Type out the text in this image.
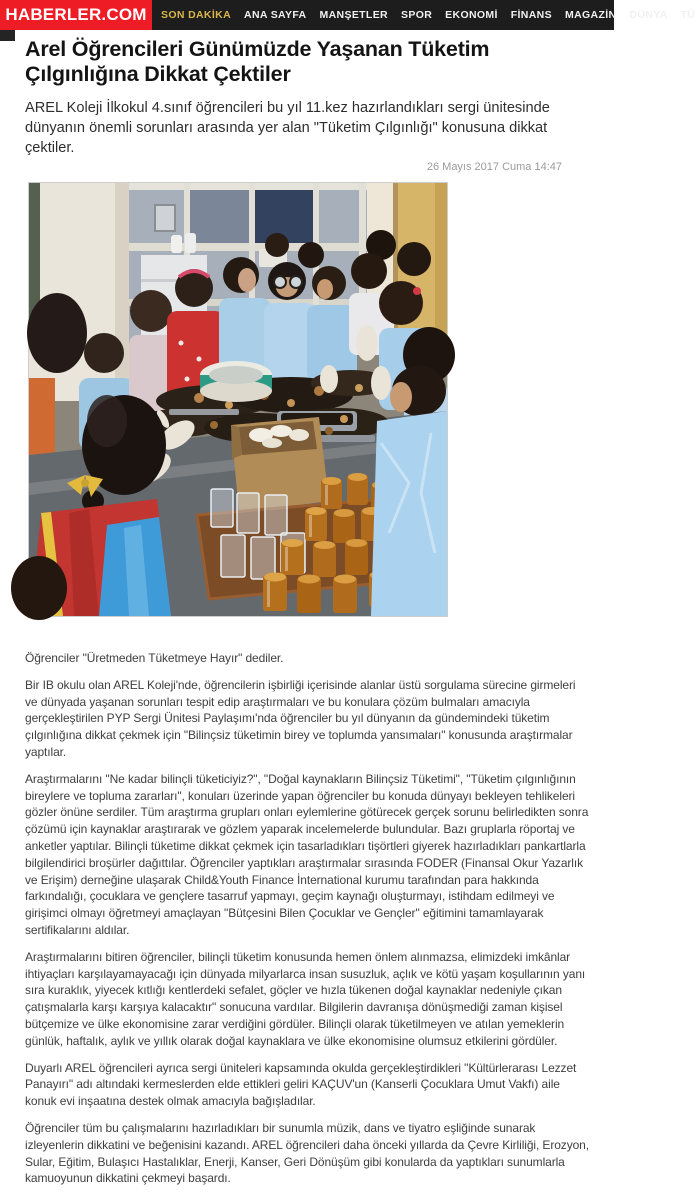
HABERLER.COM SON DAKİKA ANA SAYFA MANŞETLER SPOR EKONOMİ FİNANS MAGAZİN DÜNYA TÜ
Arel Öğrencileri Günümüzde Yaşanan Tüketim Çılgınlığına Dikkat Çektiler

AREL Koleji İlkokul 4.sınıf öğrencileri bu yıl 11.kez hazırlandıkları sergi ünitesinde dünyanın önemli sorunları arasında yer alan "Tüketim Çılgınlığı" konusuna dikkat çektiler.

26 Mayıs 2017 Cuma 14:47

Öğrenciler "Üretmeden Tüketmeye Hayır" dediler.

Bir IB okulu olan AREL Koleji'nde, öğrencilerin işbirliği içerisinde alanlar üstü sorgulama sürecine girmeleri ve dünyada yaşanan sorunları tespit edip araştırmaları ve bu konulara çözüm bulmaları amacıyla gerçekleştirilen PYP Sergi Ünitesi Paylaşımı'nda öğrenciler bu yıl dünyanın da gündemindeki tüketim çılgınlığına dikkat çekmek için "Bilinçsiz tüketimin birey ve toplumda yansımaları" konusunda araştırmalar yaptılar.

Araştırmalarını "Ne kadar bilinçli tüketiciyiz?", "Doğal kaynakların Bilinçsiz Tüketimi", "Tüketim çılgınlığının bireylere ve topluma zararları", konuları üzerinde yapan öğrenciler bu konuda dünyayı bekleyen tehlikeleri gözler önüne serdiler. Tüm araştırma grupları onları eylemlerine götürecek gerçek sorunu belirledikten sonra çözümü için kaynaklar araştırarak ve gözlem yaparak incelemelerde bulundular. Bazı gruplarla röportaj ve anketler yaptılar. Bilinçli tüketime dikkat çekmek için tasarladıkları tişörtleri giyerek hazırladıkları pankartlarla bilgilendirici broşürler dağıttılar. Öğrenciler yaptıkları araştırmalar sırasında FODER (Finansal Okur Yazarlık ve Erişim) derneğine ulaşarak Child&Youth Finance İnternational kurumu tarafından para hakkında farkındalığı, çocuklara ve gençlere tasarruf yapmayı, geçim kaynağı oluşturmayı, istihdam edilmeyi ve girişimci olmayı öğretmeyi amaçlayan "Bütçesini Bilen Çocuklar ve Gençler" eğitimini tamamlayarak sertifikalarını aldılar.

Araştırmalarını bitiren öğrenciler, bilinçli tüketim konusunda hemen önlem alınmazsa, elimizdeki imkânlar ihtiyaçları karşılayamayacağı için dünyada milyarlarca insan susuzluk, açlık ve kötü yaşam koşullarının yanı sıra kuraklık, yiyecek kıtlığı kentlerdeki sefalet, göçler ve hızla tükenen doğal kaynaklar nedeniyle çıkan çatışmalarla karşı karşıya kalacaktır" sonucuna vardılar. Bilgilerin davranışa dönüşmediği zaman kişisel bütçemize ve ülke ekonomisine zarar verdiğini gördüler. Bilinçli olarak tüketilmeyen ve atılan yemeklerin günlük, haftalık, aylık ve yıllık olarak doğal kaynaklara ve ülke ekonomisine olumsuz etkilerini gördüler.

Duyarlı AREL öğrencileri ayrıca sergi üniteleri kapsamında okulda gerçekleştirdikleri "Kültürlerarası Lezzet Panayırı" adı altındaki kermeslerden elde ettikleri geliri KAÇUV'un (Kanserli Çocuklara Umut Vakfı) aile konuk evi inşaatına destek olmak amacıyla bağışladılar.

Öğrenciler tüm bu çalışmalarını hazırladıkları bir sunumla müzik, dans ve tiyatro eşliğinde sunarak izleyenlerin dikkatini ve beğenisini kazandı. AREL öğrencileri daha önceki yıllarda da Çevre Kirliliği, Erozyon, Sular, Eğitim, Bulaşıcı Hastalıklar, Enerji, Kanser, Geri Dönüşüm gibi konularda da yaptıkları sunumlarla kamuoyunun dikkatini çekmeyi başardı.
